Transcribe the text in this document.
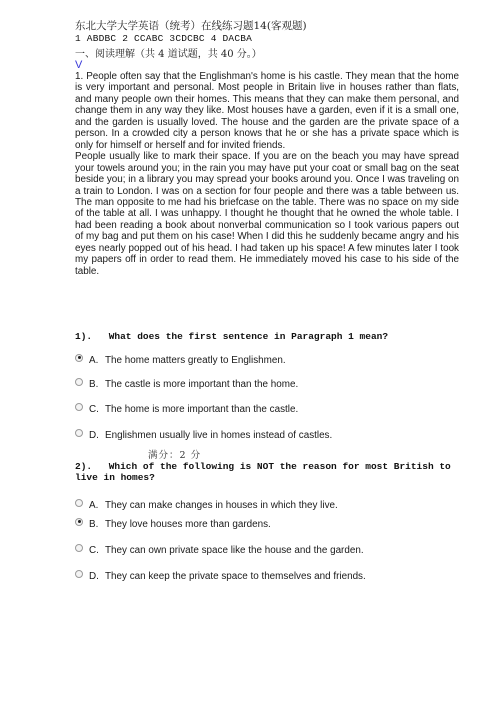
东北大学大学英语（统考）在线练习题14(客观题)
1 ABDBC 2 CCABC 3CDCBC 4 DACBA
一、阅读理解（共 4 道试题，共 40 分。）
V

1. People often say that the Englishman's home is his castle. They mean that the home is very important and personal. Most people in Britain live in houses rather than flats, and many people own their homes. This means that they can make them personal, and change them in any way they like. Most houses have a garden, even if it is a small one, and the garden is usually loved. The house and the garden are the private space of a person. In a crowded city a person knows that he or she has a private space which is only for himself or herself and for invited friends.

People usually like to mark their space. If you are on the beach you may have spread your towels around you; in the rain you may have put your coat or small bag on the seat beside you; in a library you may spread your books around you. Once I was traveling on a train to London. I was on a section for four people and there was a table between us. The man opposite to me had his briefcase on the table. There was no space on my side of the table at all. I was unhappy. I thought he thought that he owned the whole table. I had been reading a book about nonverbal communication so I took various papers out of my bag and put them on his case! When I did this he suddenly became angry and his eyes nearly popped out of his head. I had taken up his space! A few minutes later I took my papers off in order to read them. He immediately moved his case to his side of the table.

1). What does the first sentence in Paragraph 1 mean?
A. The home matters greatly to Englishmen.
B. The castle is more important than the home.
C. The home is more important than the castle.
D. Englishmen usually live in homes instead of castles.
满分：2 分
2). Which of the following is NOT the reason for most British to live in homes?
A. They can make changes in houses in which they live.
B. They love houses more than gardens.
C. They can own private space like the house and the garden.
D. They can keep the private space to themselves and friends.
